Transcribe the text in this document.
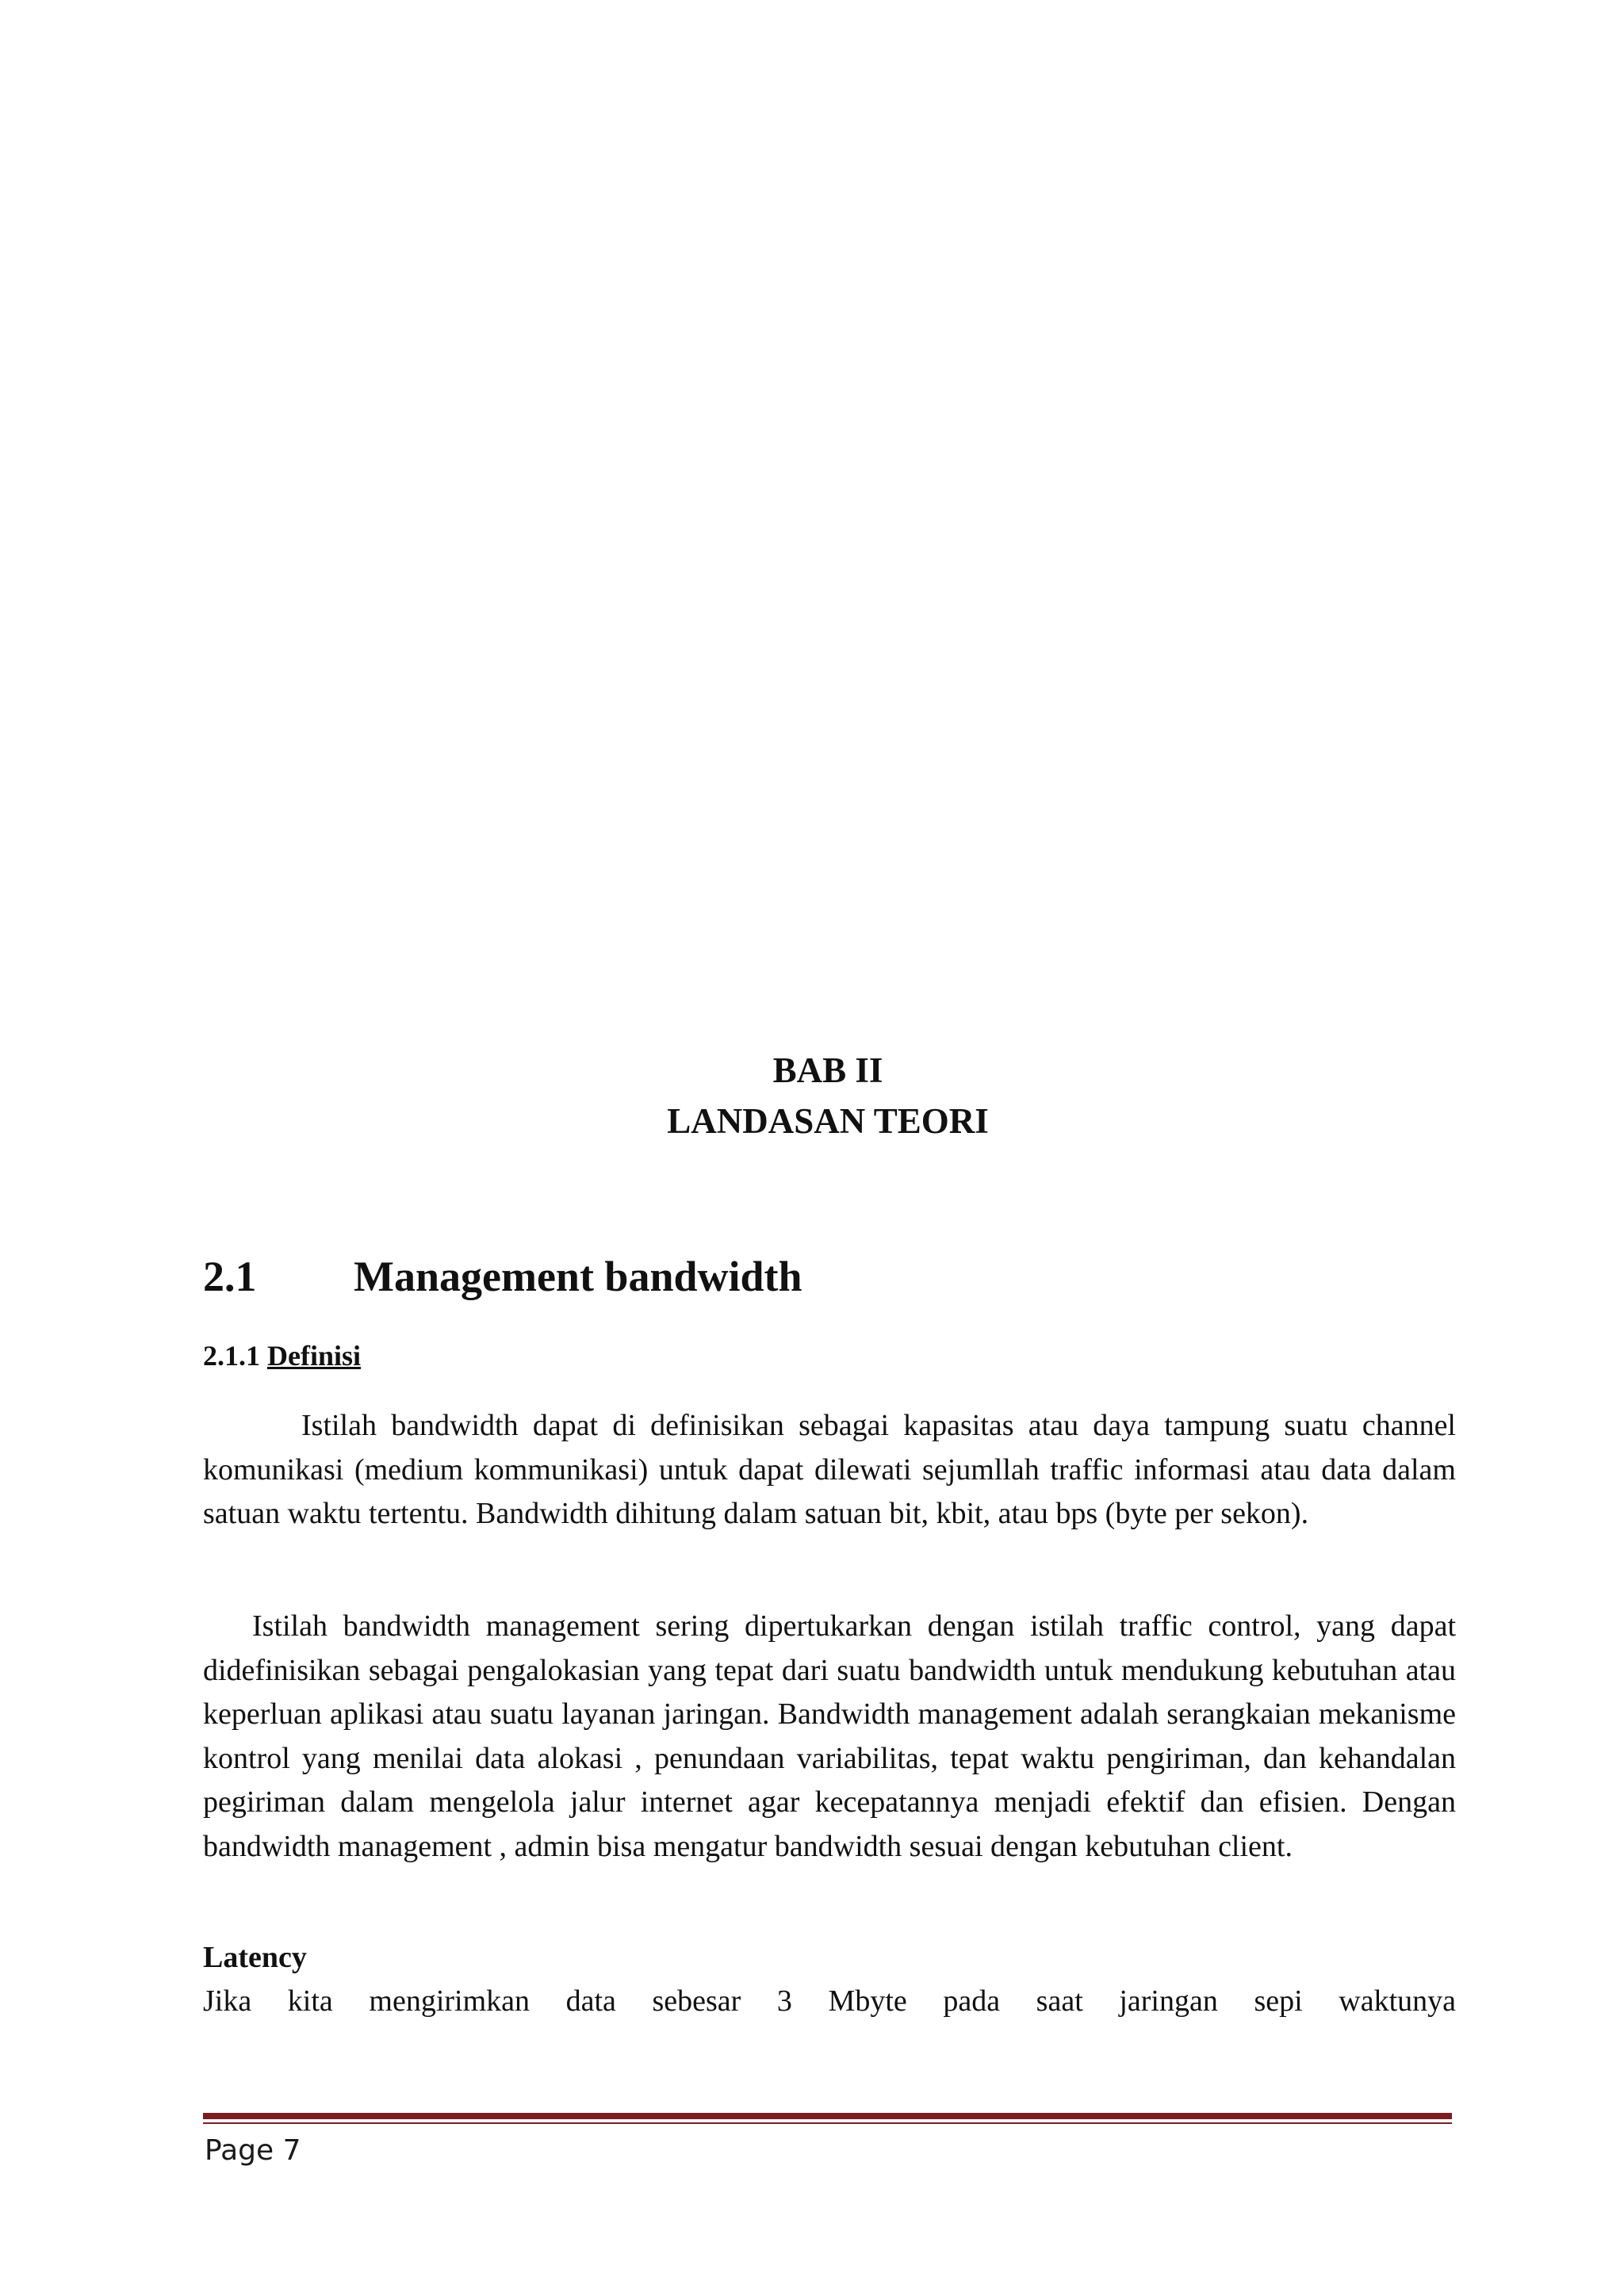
BAB II

LANDASAN TEORI

2.1 Management bandwidth
2.1.1 Definisi

Istilah bandwidth dapat di definisikan sebagai kapasitas atau daya tampung suatu channel komunikasi (medium kommunikasi) untuk dapat dilewati sejumllah traffic informasi atau data dalam satuan waktu tertentu. Bandwidth dihitung dalam satuan bit, kbit, atau bps (byte per sekon).

Istilah bandwidth management sering dipertukarkan dengan istilah traffic control, yang dapat didefinisikan sebagai pengalokasian yang tepat dari suatu bandwidth untuk mendukung kebutuhan atau keperluan aplikasi atau suatu layanan jaringan. Bandwidth management adalah serangkaian mekanisme kontrol yang menilai data alokasi , penundaan variabilitas, tepat waktu pengiriman, dan kehandalan pegiriman dalam mengelola jalur internet agar kecepatannya menjadi efektif dan efisien. Dengan bandwidth management , admin bisa mengatur bandwidth sesuai dengan kebutuhan client.

Latency

Jika kita mengirimkan data sebesar 3 Mbyte pada saat jaringan sepi waktunya

Page 7
